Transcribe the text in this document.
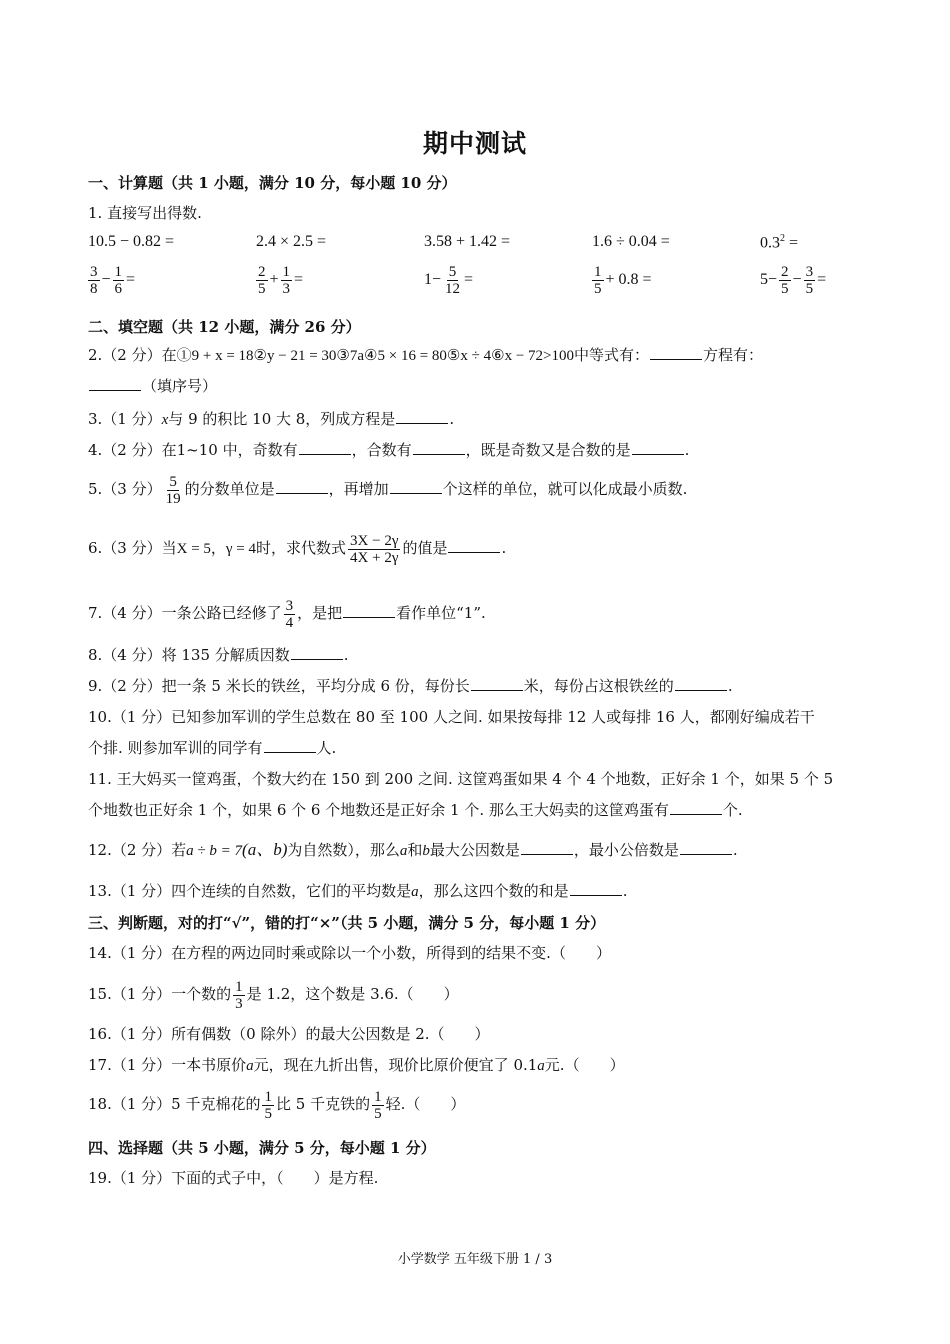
期中测试
一、计算题（共 1 小题，满分 10 分，每小题 10 分）
1. 直接写出得数.
10.5 − 0.82 =	2.4 × 2.5 =	3.58 + 1.42 =	1.6 ÷ 0.04 =	$0.3^2$ =
$\frac{3}{8} - \frac{1}{6}$ =	$\frac{2}{5} + \frac{1}{3}$ =	$1- \frac{5}{12}$ =	$\frac{1}{5} + 0.8$ =	$5- \frac{2}{5} - \frac{3}{5}$ =
二、填空题（共 12 小题，满分 26 分）
2.（2 分）在①9 + x = 18②y − 21 = 30③7a④5 × 16 = 80⑤x ÷ 4⑥x − 72>100中等式有：	方程有：
（填序号）
3.（1 分）x与 9 的积比 10 大 8，列成方程是	.
4.（2 分）在1~10 中，奇数有	，合数有	，既是奇数又是合数的是	.
5.（3 分） $\frac{5}{19}$ 的分数单位是	，再增加	个这样的单位，就可以化成最小质数.
6.（3 分）当X = 5，γ = 4时，求代数式 $\frac{3X - 2\gamma}{4X + 2\gamma}$ 的值是	.
7.（4 分）一条公路已经修了 $\frac{3}{4}$ ，是把	看作单位“1”.
8.（4 分）将 135 分解质因数	.
9.（2 分）把一条 5 米长的铁丝，平均分成 6 份，每份长	米，每份占这根铁丝的	.
10.（1 分）已知参加军训的学生总数在 80 至 100 人之间. 如果按每排 12 人或每排 16 人，都刚好编成若干
个排. 则参加军训的同学有	人.
11. 王大妈买一筐鸡蛋，个数大约在 150 到 200 之间. 这筐鸡蛋如果 4 个 4 个地数，正好余 1 个，如果 5 个 5
个地数也正好余 1 个，如果 6 个 6 个地数还是正好余 1 个. 那么王大妈卖的这筐鸡蛋有	个.
12.（2 分）若a ÷ b = 7(a、b)为自然数），那么a和b最大公因数是	，最小公倍数是	.
13.（1 分）四个连续的自然数，它们的平均数是a，那么这四个数的和是	.
三、判断题，对的打“√”，错的打“×”（共 5 小题，满分 5 分，每小题 1 分）
14.（1 分）在方程的两边同时乘或除以一个小数，所得到的结果不变.（　　）
15.（1 分）一个数的 $\frac{1}{3}$ 是 1.2，这个数是 3.6.（　　）
16.（1 分）所有偶数（0 除外）的最大公因数是 2.（　　）
17.（1 分）一本书原价a元，现在九折出售，现价比原价便宜了 0.1a元.（　　）
18.（1 分）5 千克棉花的 $\frac{1}{5}$ 比 5 千克铁的 $\frac{1}{5}$ 轻.（　　）
四、选择题（共 5 小题，满分 5 分，每小题 1 分）
19.（1 分）下面的式子中，（　　）是方程.
小学数学 五年级下册 1 / 3
